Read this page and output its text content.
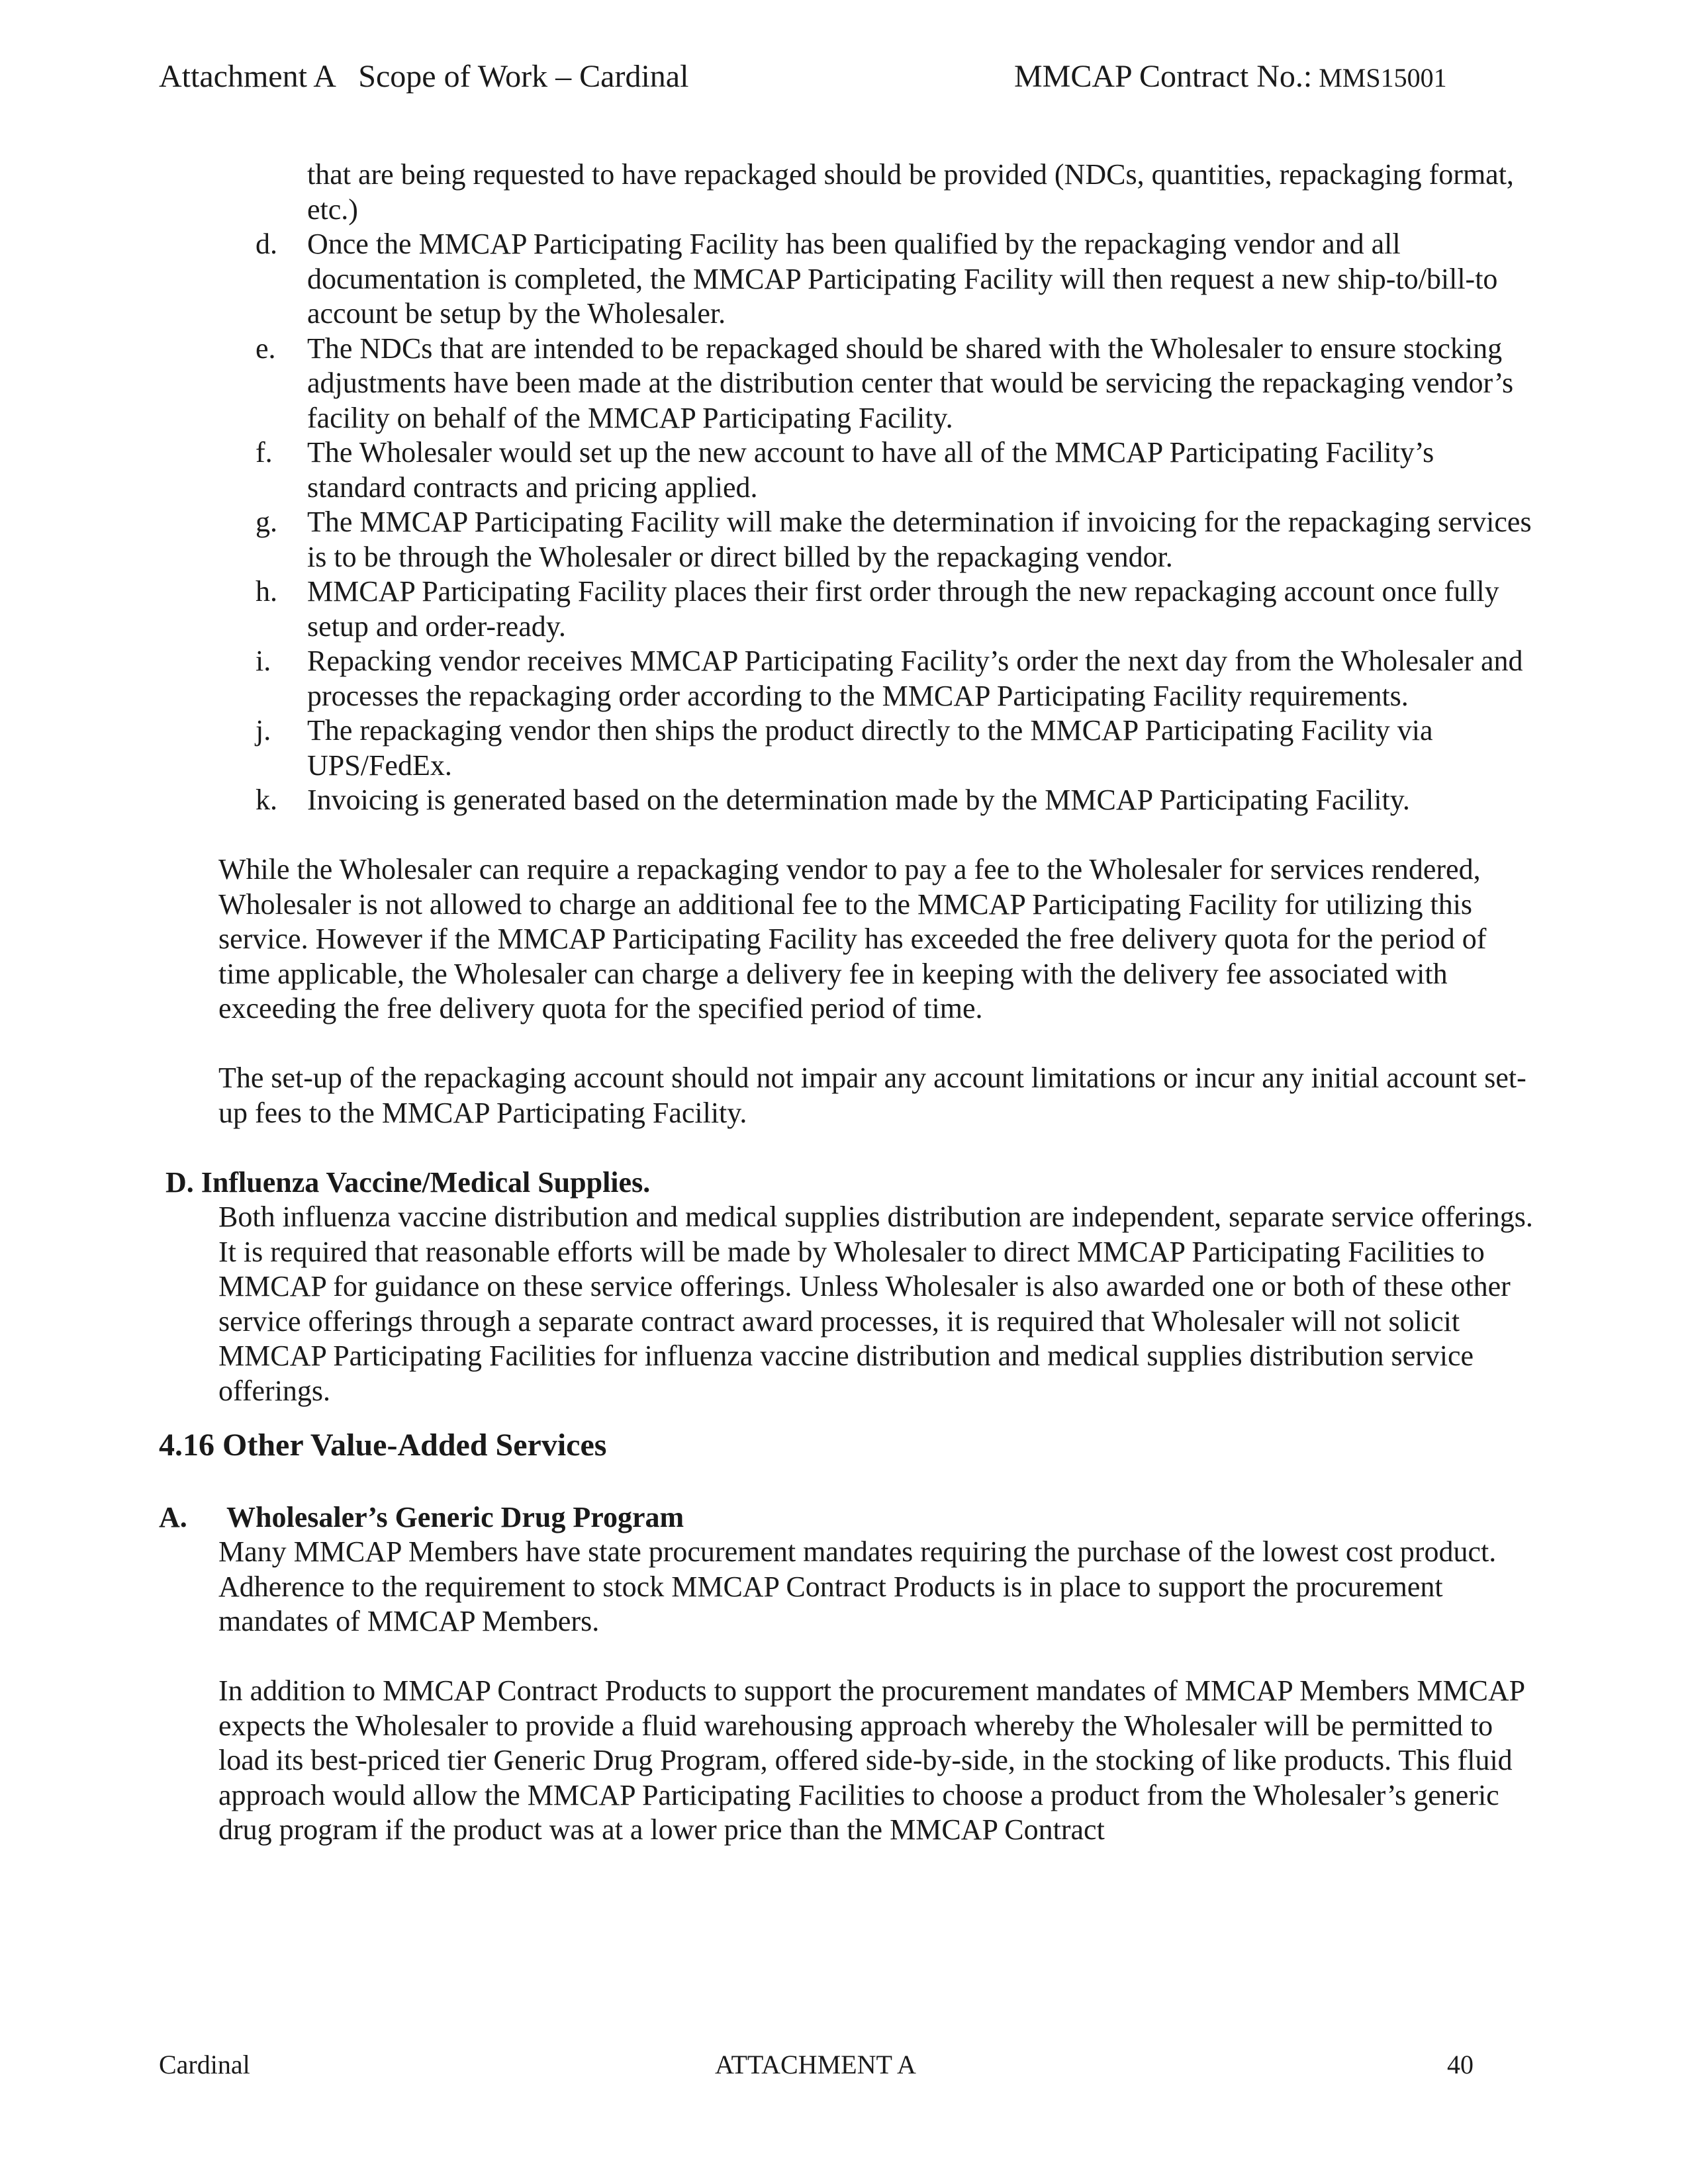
Attachment A   Scope of Work – Cardinal	MMCAP Contract No.: MMS15001
that are being requested to have repackaged should be provided (NDCs, quantities, repackaging format, etc.)
d. Once the MMCAP Participating Facility has been qualified by the repackaging vendor and all documentation is completed, the MMCAP Participating Facility will then request a new ship-to/bill-to account be setup by the Wholesaler.
e. The NDCs that are intended to be repackaged should be shared with the Wholesaler to ensure stocking adjustments have been made at the distribution center that would be servicing the repackaging vendor’s facility on behalf of the MMCAP Participating Facility.
f. The Wholesaler would set up the new account to have all of the MMCAP Participating Facility’s standard contracts and pricing applied.
g. The MMCAP Participating Facility will make the determination if invoicing for the repackaging services is to be through the Wholesaler or direct billed by the repackaging vendor.
h. MMCAP Participating Facility places their first order through the new repackaging account once fully setup and order-ready.
i. Repacking vendor receives MMCAP Participating Facility’s order the next day from the Wholesaler and processes the repackaging order according to the MMCAP Participating Facility requirements.
j. The repackaging vendor then ships the product directly to the MMCAP Participating Facility via UPS/FedEx.
k. Invoicing is generated based on the determination made by the MMCAP Participating Facility.
While the Wholesaler can require a repackaging vendor to pay a fee to the Wholesaler for services rendered, Wholesaler is not allowed to charge an additional fee to the MMCAP Participating Facility for utilizing this service. However if the MMCAP Participating Facility has exceeded the free delivery quota for the period of time applicable, the Wholesaler can charge a delivery fee in keeping with the delivery fee associated with exceeding the free delivery quota for the specified period of time.
The set-up of the repackaging account should not impair any account limitations or incur any initial account set-up fees to the MMCAP Participating Facility.
D. Influenza Vaccine/Medical Supplies.
Both influenza vaccine distribution and medical supplies distribution are independent, separate service offerings. It is required that reasonable efforts will be made by Wholesaler to direct MMCAP Participating Facilities to MMCAP for guidance on these service offerings. Unless Wholesaler is also awarded one or both of these other service offerings through a separate contract award processes, it is required that Wholesaler will not solicit MMCAP Participating Facilities for influenza vaccine distribution and medical supplies distribution service offerings.
4.16 Other Value-Added Services
A. Wholesaler’s Generic Drug Program
Many MMCAP Members have state procurement mandates requiring the purchase of the lowest cost product. Adherence to the requirement to stock MMCAP Contract Products is in place to support the procurement mandates of MMCAP Members.
In addition to MMCAP Contract Products to support the procurement mandates of MMCAP Members MMCAP expects the Wholesaler to provide a fluid warehousing approach whereby the Wholesaler will be permitted to load its best-priced tier Generic Drug Program, offered side-by-side, in the stocking of like products. This fluid approach would allow the MMCAP Participating Facilities to choose a product from the Wholesaler’s generic drug program if the product was at a lower price than the MMCAP Contract
Cardinal	ATTACHMENT A	40
